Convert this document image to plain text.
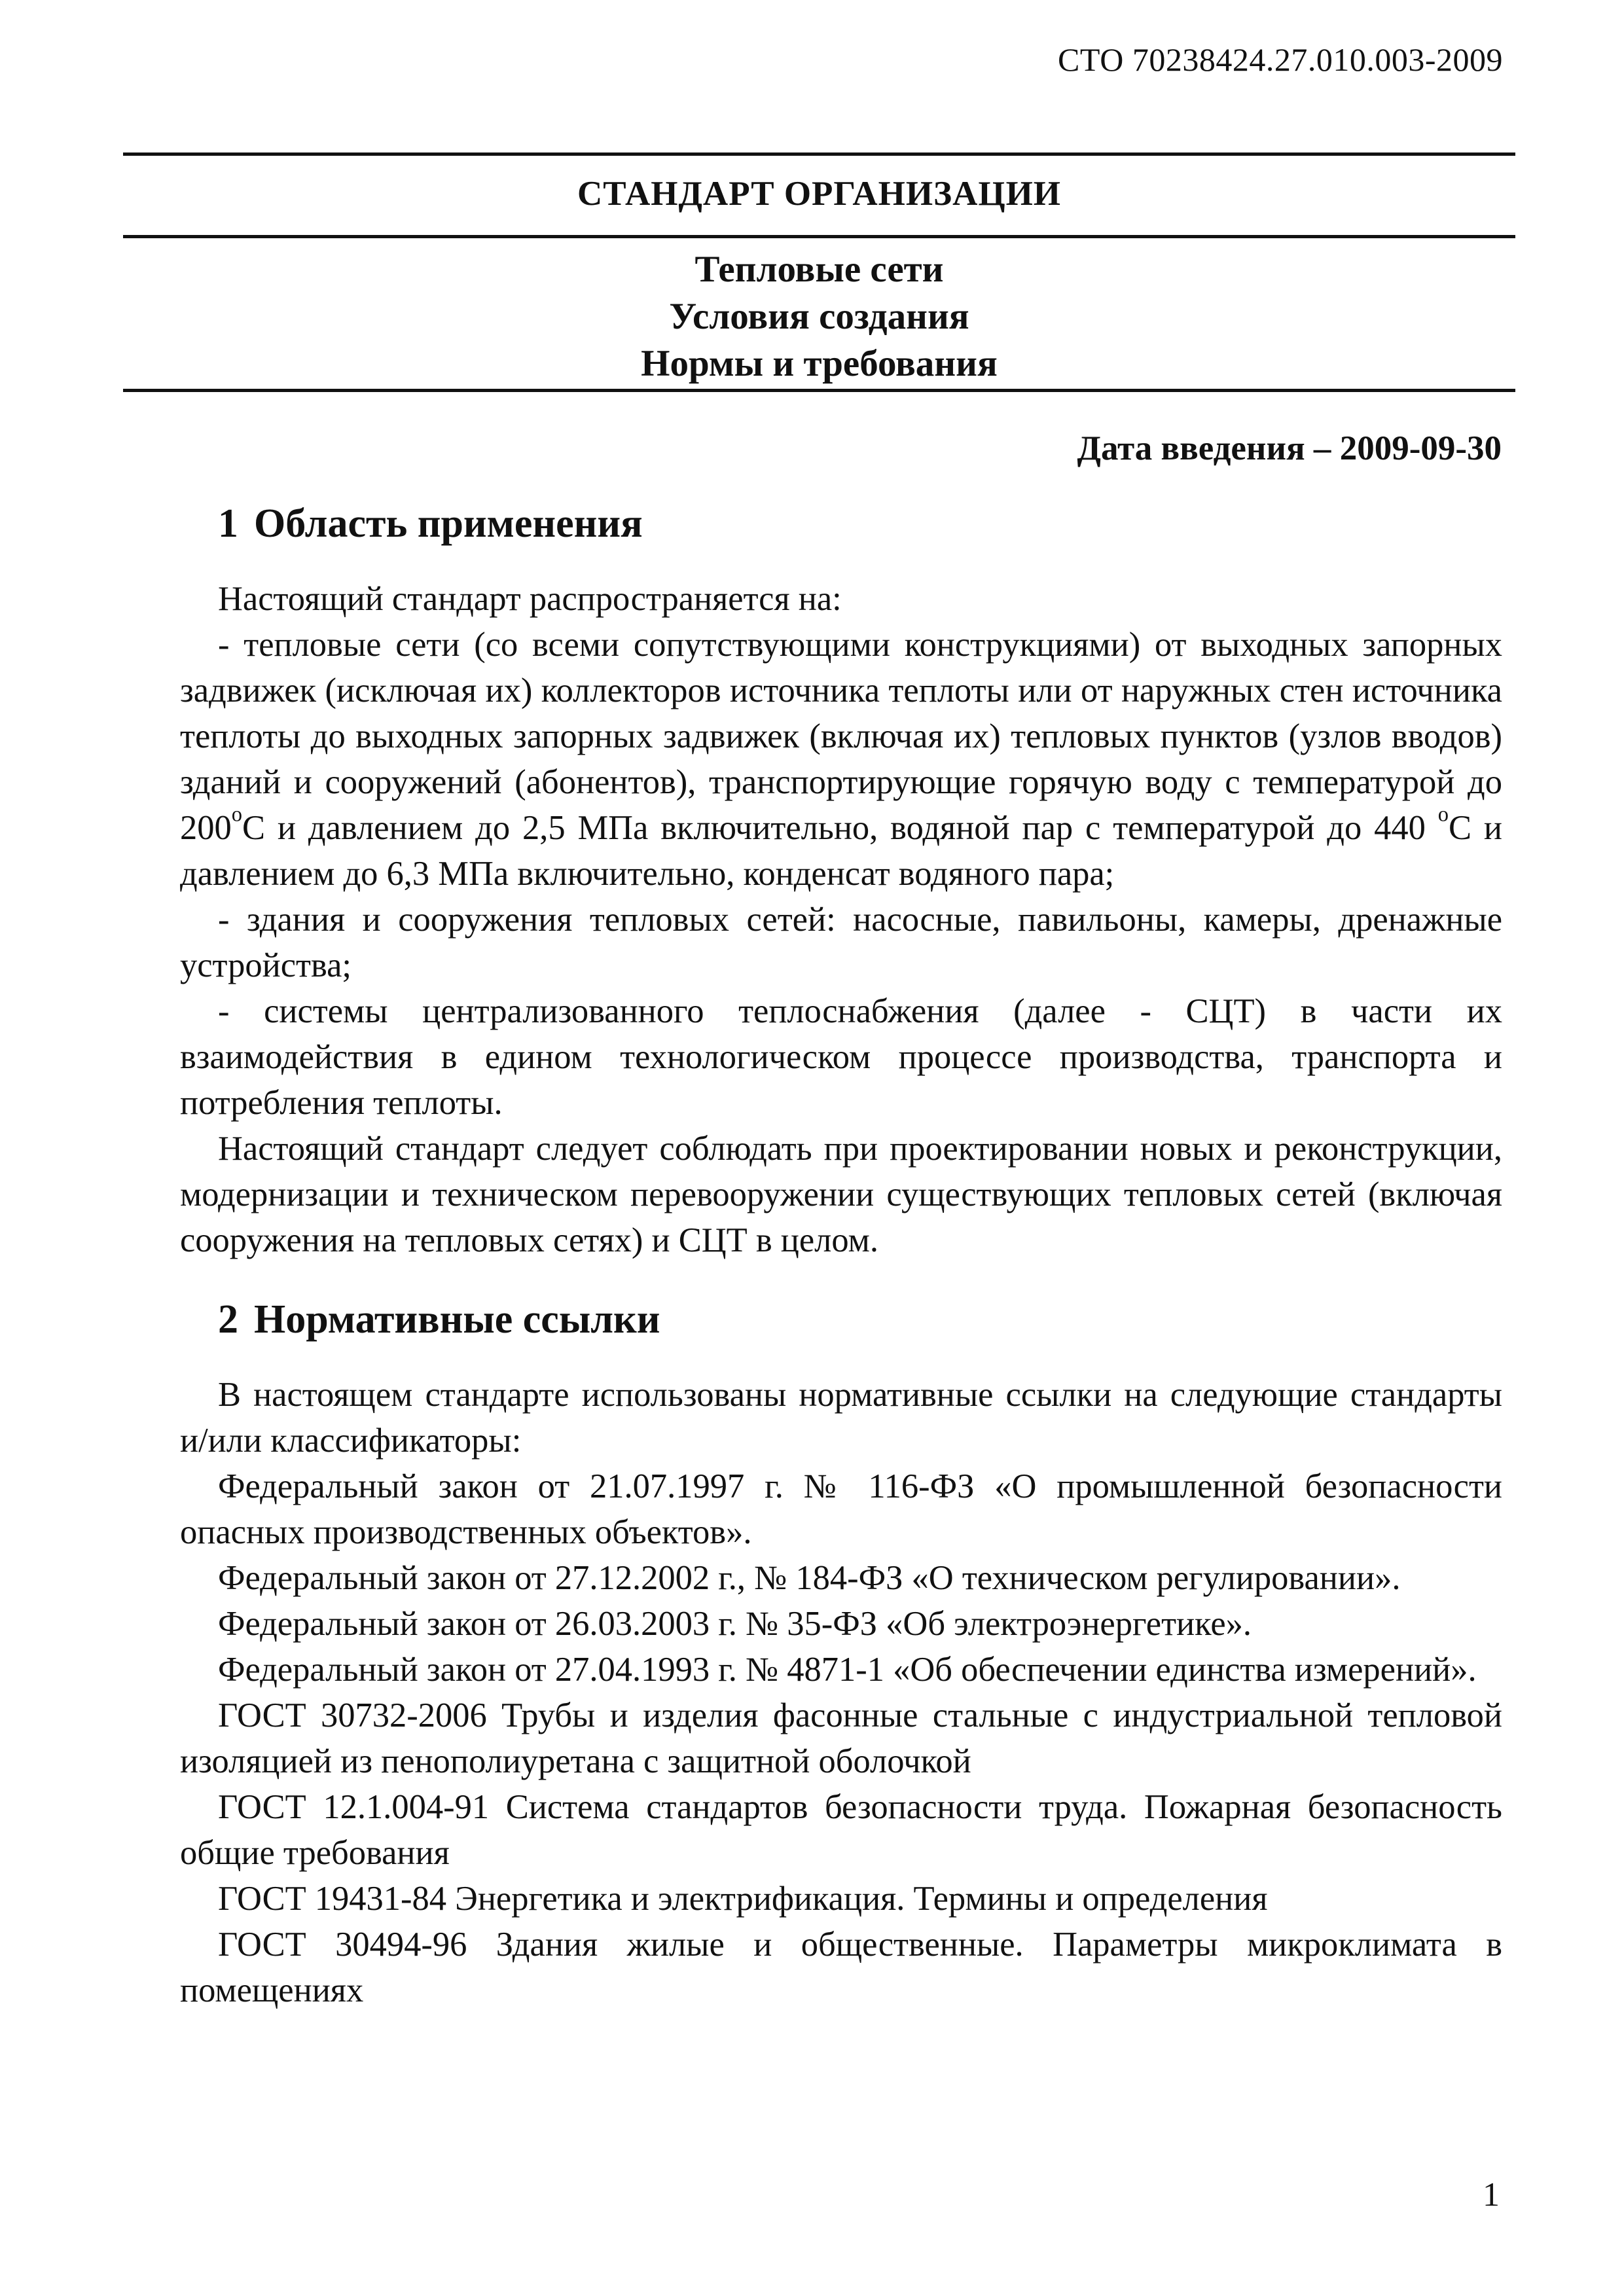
СТО 70238424.27.010.003-2009
СТАНДАРТ ОРГАНИЗАЦИИ
Тепловые сети
Условия создания
Нормы и требования
Дата введения – 2009-09-30
1 Область применения

Настоящий стандарт распространяется на:

- тепловые сети (со всеми сопутствующими конструкциями) от выходных запорных задвижек (исключая их) коллекторов источника теплоты или от наружных стен источника теплоты до выходных запорных задвижек (включая их) тепловых пунктов (узлов вводов) зданий и сооружений (абонентов), транспортирующие горячую воду с температурой до $200^оС$ и давлением до 2,5 МПа включительно, водяной пар с температурой до 440 $^о$С и давлением до 6,3 МПа включительно, конденсат водяного пара;

- здания и сооружения тепловых сетей: насосные, павильоны, камеры, дренажные устройства;

- системы централизованного теплоснабжения (далее - СЦТ) в части их взаимодействия в едином технологическом процессе производства, транспорта и потребления теплоты.

Настоящий стандарт следует соблюдать при проектировании новых и реконструкции, модернизации и техническом перевооружении существующих тепловых сетей (включая сооружения на тепловых сетях) и СЦТ в целом.

2 Нормативные ссылки

В настоящем стандарте использованы нормативные ссылки на следующие стандарты и/или классификаторы:

Федеральный закон от 21.07.1997 г. № 116-ФЗ «О промышленной безопасности опасных производственных объектов».

Федеральный закон от 27.12.2002 г., № 184-ФЗ «О техническом регулировании».

Федеральный закон от 26.03.2003 г. № 35-ФЗ «Об электроэнергетике».

Федеральный закон от 27.04.1993 г. № 4871-1 «Об обеспечении единства измерений».

ГОСТ 30732-2006 Трубы и изделия фасонные стальные с индустриальной тепловой изоляцией из пенополиуретана с защитной оболочкой

ГОСТ 12.1.004-91 Система стандартов безопасности труда. Пожарная безопасность общие требования

ГОСТ 19431-84 Энергетика и электрификация. Термины и определения

ГОСТ 30494-96 Здания жилые и общественные. Параметры микроклимата в помещениях

1
